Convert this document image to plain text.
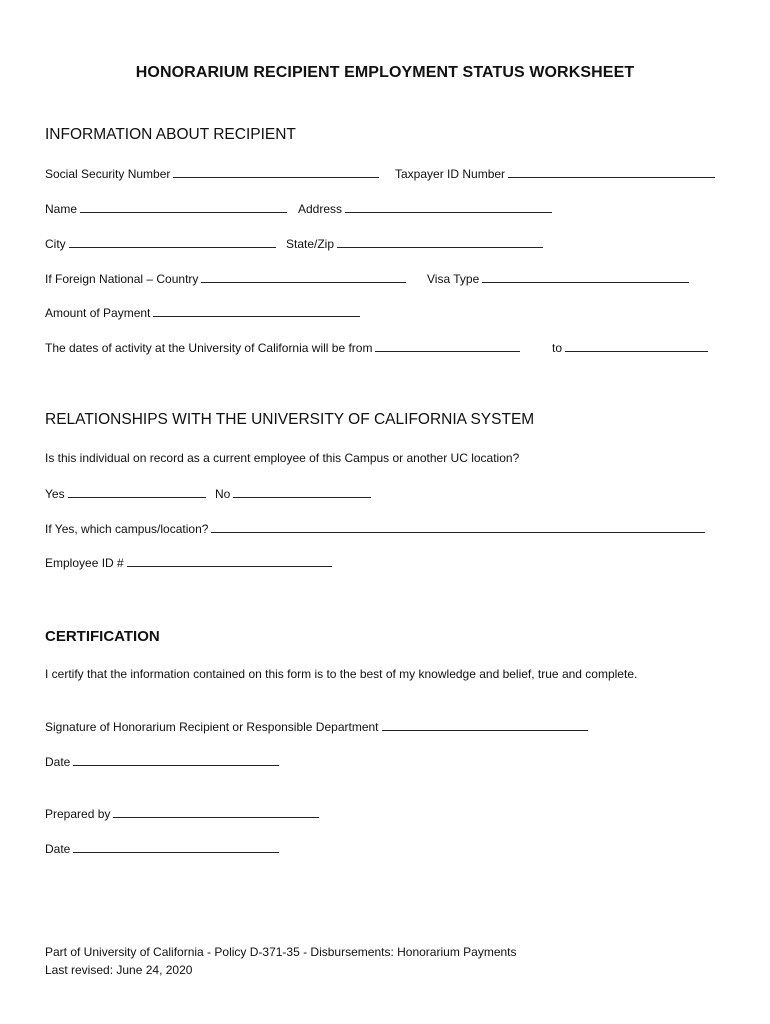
HONORARIUM RECIPIENT EMPLOYMENT STATUS WORKSHEET
INFORMATION ABOUT RECIPIENT
Social Security Number	Taxpayer ID Number
Name	Address
City	State/Zip
If Foreign National – Country	Visa Type
Amount of Payment
The dates of activity at the University of California will be from	to
RELATIONSHIPS WITH THE UNIVERSITY OF CALIFORNIA SYSTEM
Is this individual on record as a current employee of this Campus or another UC location?
Yes	No
If Yes, which campus/location?
Employee ID #
CERTIFICATION
I certify that the information contained on this form is to the best of my knowledge and belief, true and complete.
Signature of Honorarium Recipient or Responsible Department
Date
Prepared by
Date
Part of University of California - Policy D-371-35 - Disbursements: Honorarium Payments
Last revised: June 24, 2020
